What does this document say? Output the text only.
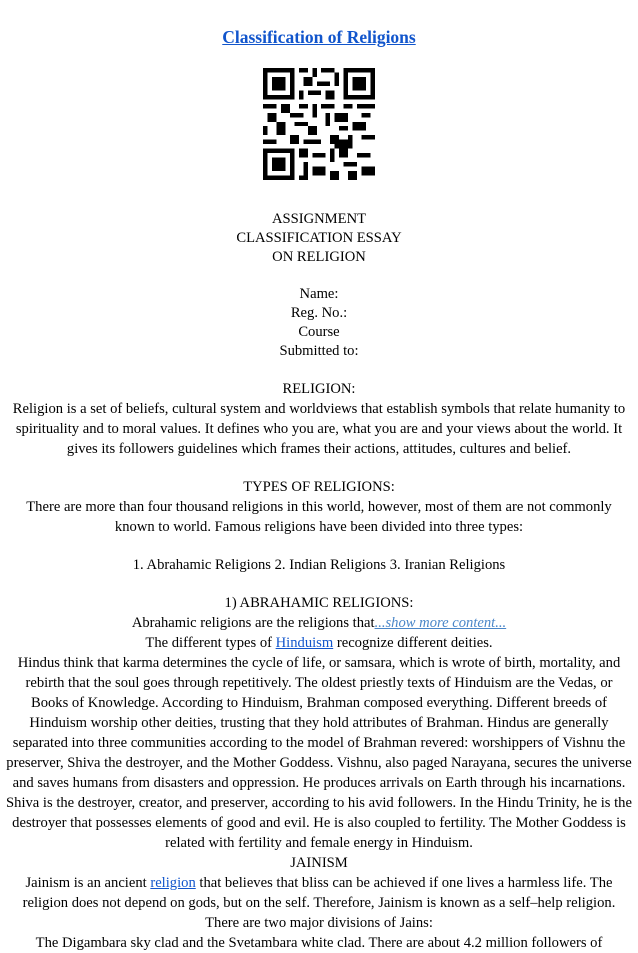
Classification of Religions

ASSIGNMENT

CLASSIFICATION ESSAY

ON RELIGION

Name:

Reg. No.:

Course

Submitted to:

RELIGION:

Religion is a set of beliefs, cultural system and worldviews that establish symbols that relate humanity to spirituality and to moral values. It defines who you are, what you are and your views about the world. It gives its followers guidelines which frames their actions, attitudes, cultures and belief.

TYPES OF RELIGIONS:

There are more than four thousand religions in this world, however, most of them are not commonly known to world. Famous religions have been divided into three types:

1. Abrahamic Religions 2. Indian Religions 3. Iranian Religions

1) ABRAHAMIC RELIGIONS:

Abrahamic religions are the religions that...show more content...

The different types of Hinduism recognize different deities.

Hindus think that karma determines the cycle of life, or samsara, which is wrote of birth, mortality, and rebirth that the soul goes through repetitively. The oldest priestly texts of Hinduism are the Vedas, or Books of Knowledge. According to Hinduism, Brahman composed everything. Different breeds of Hinduism worship other deities, trusting that they hold attributes of Brahman. Hindus are generally separated into three communities according to the model of Brahman revered: worshippers of Vishnu the preserver, Shiva the destroyer, and the Mother Goddess. Vishnu, also paged Narayana, secures the universe and saves humans from disasters and oppression. He produces arrivals on Earth through his incarnations. Shiva is the destroyer, creator, and preserver, according to his avid followers. In the Hindu Trinity, he is the destroyer that possesses elements of good and evil. He is also coupled to fertility. The Mother Goddess is related with fertility and female energy in Hinduism.

JAINISM

Jainism is an ancient religion that believes that bliss can be achieved if one lives a harmless life. The religion does not depend on gods, but on the self. Therefore, Jainism is known as a self–help religion. There are two major divisions of Jains:

The Digambara sky clad and the Svetambara white clad. There are about 4.2 million followers of
